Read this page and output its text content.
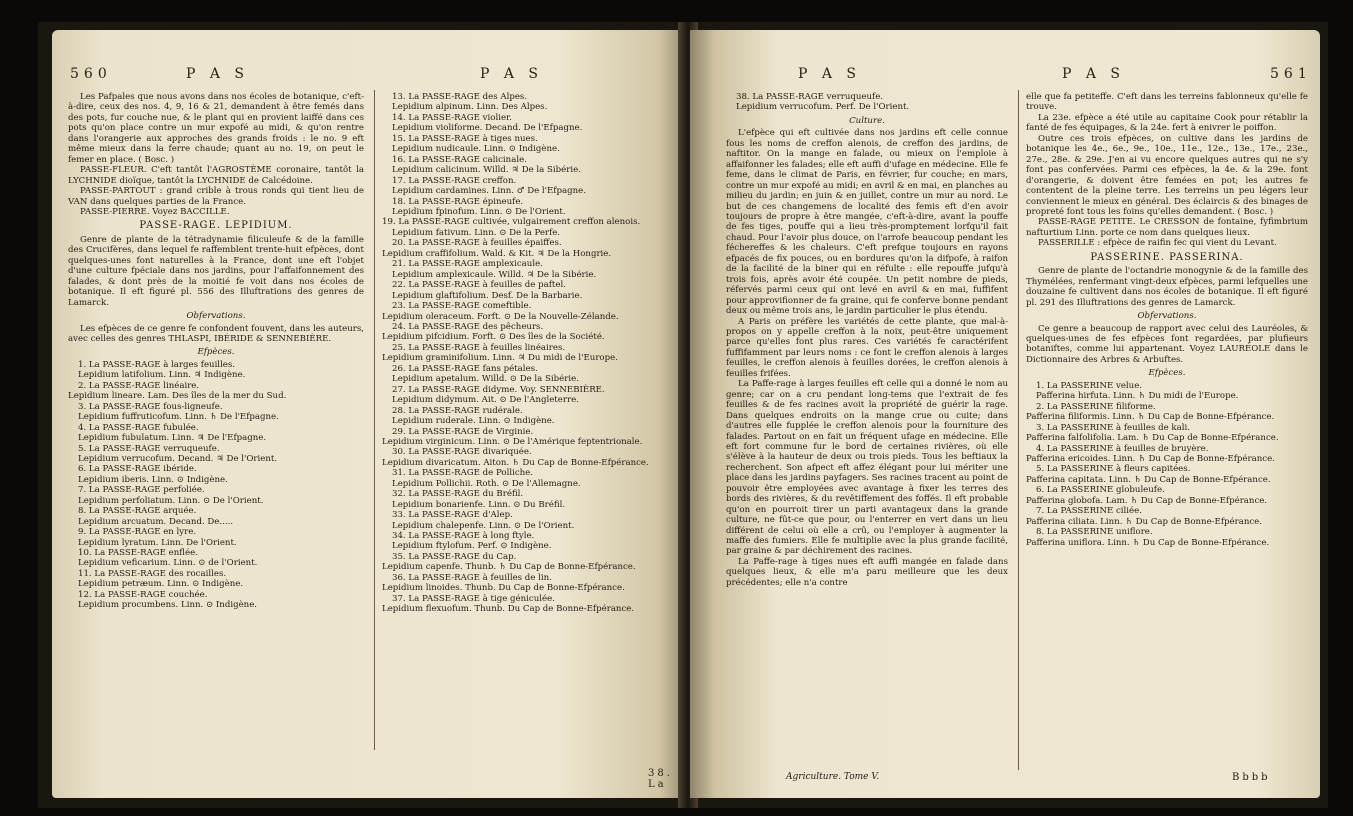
560	P A S	P A S

Les Pafpales que nous avons dans nos écoles de botanique, c'eft-à-dire, ceux des nos. 4, 9, 16 & 21, demandent à être femés dans des pots, fur couche nue, & le plant qui en provient laiffé dans ces pots qu'on place contre un mur expofé au midi, & qu'on rentre dans l'orangerie aux approches des grands froids : le no. 9 eft même mieux dans la ferre chaude; quant au no. 19, on peut le femer en place. ( Bosc. )

PASSE-FLEUR. C'eft tantôt l'AGROSTÈME coronaire, tantôt la LYCHNIDE dioïque, tantôt la LYCHNIDE de Calcédoine.

PASSE-PARTOUT : grand crible à trous ronds qui tient lieu de VAN dans quelques parties de la France.

PASSE-PIERRE. Voyez BACCILLE.

PASSE-RAGE. LEPIDIUM.

Genre de plante de la tétradynamie filiculeufe & de la famille des Crucifères, dans lequel fe raffemblent trente-huit efpèces, dont quelques-unes font naturelles à la France, dont une eft l'objet d'une culture fpéciale dans nos jardins, pour l'affaifonnement des falades, & dont près de la moitié fe voit dans nos écoles de botanique. Il eft figuré pl. 556 des Illuftrations des genres de Lamarck.

Obfervations.

Les efpèces de ce genre fe confondent fouvent, dans les auteurs, avec celles des genres THLASPI, IBÉRIDE & SENNEBIÈRE.

Efpèces.

1. La PASSE-RAGE à larges feuilles.

Lepidium latifolium. Linn. ♃ Indigène.

2. La PASSE-RAGE linéaire.

Lepidium lineare. Lam. Des îles de la mer du Sud.

3. La PASSE-RAGE fous-ligneufe.

Lepidium fuffruticofum. Linn. ♄ De l'Efpagne.

4. La PASSE-RAGE fubulée.

Lepidium fubulatum. Linn. ♃ De l'Efpagne.

5. La PASSE-RAGE verruqueufe.

Lepidium verrucofum. Decand. ♃ De l'Orient.

6. La PASSE-RAGE ibéride.

Lepidium iberis. Linn. ⊙ Indigène.

7. La PASSE-RAGE perfoliée.

Lepidium perfoliatum. Linn. ⊙ De l'Orient.

8. La PASSE-RAGE arquée.

Lepidium arcuatum. Decand. De.....

9. La PASSE-RAGE en lyre.

Lepidium lyratum. Linn. De l'Orient.

10. La PASSE-RAGE enflée.

Lepidium veficarium. Linn. ⊙ de l'Orient.

11. La PASSE-RAGE des rocailles.

Lepidium petræum. Linn. ⊙ Indigène.

12. La PASSE-RAGE couchée.

Lepidium procumbens. Linn. ⊙ Indigène.

13. La PASSE-RAGE des Alpes.

Lepidium alpinum. Linn. Des Alpes.

14. La PASSE-RAGE violier.

Lepidium violiforme. Decand. De l'Efpagne.

15. La PASSE-RAGE à tiges nues.

Lepidium nudicaule. Linn. ⊙ Indigène.

16. La PASSE-RAGE calicinale.

Lepidium calicinum. Willd. ♃ De la Sibérie.

17. La PASSE-RAGE creffon.

Lepidium cardamines. Linn. ♂ De l'Efpagne.

18. La PASSE-RAGE épineufe.

Lepidium fpinofum. Linn. ⊙ De l'Orient.

19. La PASSE-RAGE cultivée, vulgairement creffon alenois.

Lepidium fativum. Linn. ⊙ De la Perfe.

20. La PASSE-RAGE à feuilles épaiffes.

Lepidium craffifolium. Wald. & Kit. ♃ De la Hongrie.

21. La PASSE-RAGE amplexicaule.

Lepidium amplexicaule. Willd. ♃ De la Sibérie.

22. La PASSE-RAGE à feuilles de paftel.

Lepidium glaftifolium. Desf. De la Barbarie.

23. La PASSE-RAGE comeftible.

Lepidium oleraceum. Forft. ⊙ De la Nouvelle-Zélande.

24. La PASSE-RAGE des pêcheurs.

Lepidium pifcidium. Forft. ⊙ Des îles de la Société.

25. La PASSE-RAGE à feuilles linéaires.

Lepidium graminifolium. Linn. ♃ Du midi de l'Europe.

26. La PASSE-RAGE fans pétales.

Lepidium apetalum. Willd. ⊙ De la Sibérie.

27. La PASSE-RAGE didyme. Voy. SENNEBIÈRE.

Lepidium didymum. Ait. ⊙ De l'Angleterre.

28. La PASSE-RAGE rudérale.

Lepidium ruderale. Linn. ⊙ Indigène.

29. La PASSE-RAGE de Virginie.

Lepidium virginicum. Linn. ⊙ De l'Amérique feptentrionale.

30. La PASSE-RAGE divariquée.

Lepidium divaricatum. Aiton. ♄ Du Cap de Bonne-Efpérance.

31. La PASSE-RAGE de Polliche.

Lepidium Pollichii. Roth. ⊙ De l'Allemagne.

32. La PASSE-RAGE du Bréfil.

Lepidium bonarienfe. Linn. ⊙ Du Bréfil.

33. La PASSE-RAGE d'Alep.

Lepidium chalepenfe. Linn. ⊙ De l'Orient.

34. La PASSE-RAGE à long ftyle.

Lepidium ftylofum. Perf. ⊙ Indigène.

35. La PASSE-RAGE du Cap.

Lepidium capenfe. Thunb. ♄ Du Cap de Bonne-Efpérance.

36. La PASSE-RAGE à feuilles de lin.

Lepidium linoides. Thunb. Du Cap de Bonne-Efpérance.

37. La PASSE-RAGE à tige géniculée.

Lepidium flexuofum. Thunb. Du Cap de Bonne-Efpérance.

38. La
P A S	P A S	561

38. La PASSE-RAGE verruqueufe.

Lepidium verrucofum. Perf. De l'Orient.

Culture.

L'efpèce qui eft cultivée dans nos jardins eft celle connue fous les noms de creffon alenois, de creffon des jardins, de naftitor. On la mange en falade, ou mieux on l'emploie à affaifonner les falades; elle eft auffi d'ufage en médecine. Elle fe feme, dans le climat de Paris, en février, fur couche; en mars, contre un mur expofé au midi; en avril & en mai, en planches au milieu du jardin; en juin & en juillet, contre un mur au nord. Le but de ces changemens de localité des femis eft d'en avoir toujours de propre à être mangée, c'eft-à-dire, avant la pouffe de fes tiges, pouffe qui a lieu très-promptement lorfqu'il fait chaud. Pour l'avoir plus douce, on l'arrofe beaucoup pendant les féchereffes & les chaleurs. C'eft prefque toujours en rayons efpacés de fix pouces, ou en bordures qu'on la difpofe, à raifon de la facilité de la biner qui en réfulte : elle repouffe jufqu'à trois fois, après avoir été coupée. Un petit nombre de pieds, réfervés parmi ceux qui ont levé en avril & en mai, fuffifent pour approvifionner de fa graine, qui fe conferve bonne pendant deux ou même trois ans, le jardin particulier le plus étendu.

A Paris on préfère les variétés de cette plante, que mal-à-propos on y appelle creffon à la noix, peut-être uniquement parce qu'elles font plus rares. Ces variétés fe caractérifent fuffifamment par leurs noms : ce font le creffon alenois à larges feuilles, le creffon alenois à feuilles dorées, le creffon alenois à feuilles frifées.

La Paffe-rage à larges feuilles eft celle qui a donné le nom au genre; car on a cru pendant long-tems que l'extrait de fes feuilles & de fes racines avoit la propriété de guérir la rage. Dans quelques endroits on la mange crue ou cuite; dans d'autres elle fupplée le creffon alenois pour la fourniture des falades. Partout on en fait un fréquent ufage en médecine. Elle eft fort commune fur le bord de certaines rivières, où elle s'élève à la hauteur de deux ou trois pieds. Tous les beftiaux la recherchent. Son afpect eft affez élégant pour lui mériter une place dans les jardins payfagers. Ses racines tracent au point de pouvoir être employées avec avantage à fixer les terres des bords des rivières, & du revêtiffement des foffés. Il eft probable qu'on en pourroit tirer un parti avantageux dans la grande culture, ne fût-ce que pour, ou l'enterrer en vert dans un lieu différent de celui où elle a crû, ou l'employer à augmenter la maffe des fumiers. Elle fe multiplie avec la plus grande facilité, par graine & par déchirement des racines.

La Paffe-rage à tiges nues eft auffi mangée en falade dans quelques lieux, & elle m'a paru meilleure que les deux précédentes; elle n'a contre

elle que fa petiteffe. C'eft dans les terreins fablonneux qu'elle fe trouve.

La 23e. efpèce a été utile au capitaine Cook pour rétablir la fanté de fes équipages, & la 24e. fert à enivrer le poiffon.

Outre ces trois efpèces, on cultive dans les jardins de botanique les 4e., 6e., 9e., 10e., 11e., 12e., 13e., 17e., 23e., 27e., 28e. & 29e. J'en ai vu encore quelques autres qui ne s'y font pas confervées. Parmi ces efpèces, la 4e. & la 29e. font d'orangerie, & doivent être femées en pot; les autres fe contentent de la pleine terre. Les terreins un peu légers leur conviennent le mieux en général. Des éclaircis & des binages de propreté font tous les foins qu'elles demandent. ( Bosc. )

PASSE-RAGE PETITE. Le CRESSON de fontaine, fyfimbrium nafturtium Linn. porte ce nom dans quelques lieux.

PASSERILLE : efpèce de raifin fec qui vient du Levant.

PASSERINE. PASSERINA.

Genre de plante de l'octandrie monogynie & de la famille des Thymélées, renfermant vingt-deux efpèces, parmi lefquelles une douzaine fe cultivent dans nos écoles de botanique. Il eft figuré pl. 291 des Illuftrations des genres de Lamarck.

Obfervations.

Ce genre a beaucoup de rapport avec celui des Lauréoles, & quelques-unes de fes efpèces font regardées, par plufieurs botaniftes, comme lui appartenant. Voyez LAURÉOLE dans le Dictionnaire des Arbres & Arbuftes.

Efpèces.

1. La PASSERINE velue.

Pafferina hirfuta. Linn. ♄ Du midi de l'Europe.

2. La PASSERINE filiforme.

Pafferina filiformis. Linn. ♄ Du Cap de Bonne-Efpérance.

3. La PASSERINE à feuilles de kali.

Pafferina falfolifolia. Lam. ♄ Du Cap de Bonne-Efpérance.

4. La PASSERINE à feuilles de bruyère.

Pafferina ericoides. Linn. ♄ Du Cap de Bonne-Efpérance.

5. La PASSERINE à fleurs capitées.

Pafferina capitata. Linn. ♄ Du Cap de Bonne-Efpérance.

6. La PASSERINE globuleufe.

Pafferina globofa. Lam. ♄ Du Cap de Bonne-Efpérance.

7. La PASSERINE ciliée.

Pafferina ciliata. Linn. ♄ Du Cap de Bonne-Efpérance.

8. La PASSERINE uniflore.

Pafferina uniflora. Linn. ♄ Du Cap de Bonne-Efpérance.

Agriculture. Tome V.	Bbbb
